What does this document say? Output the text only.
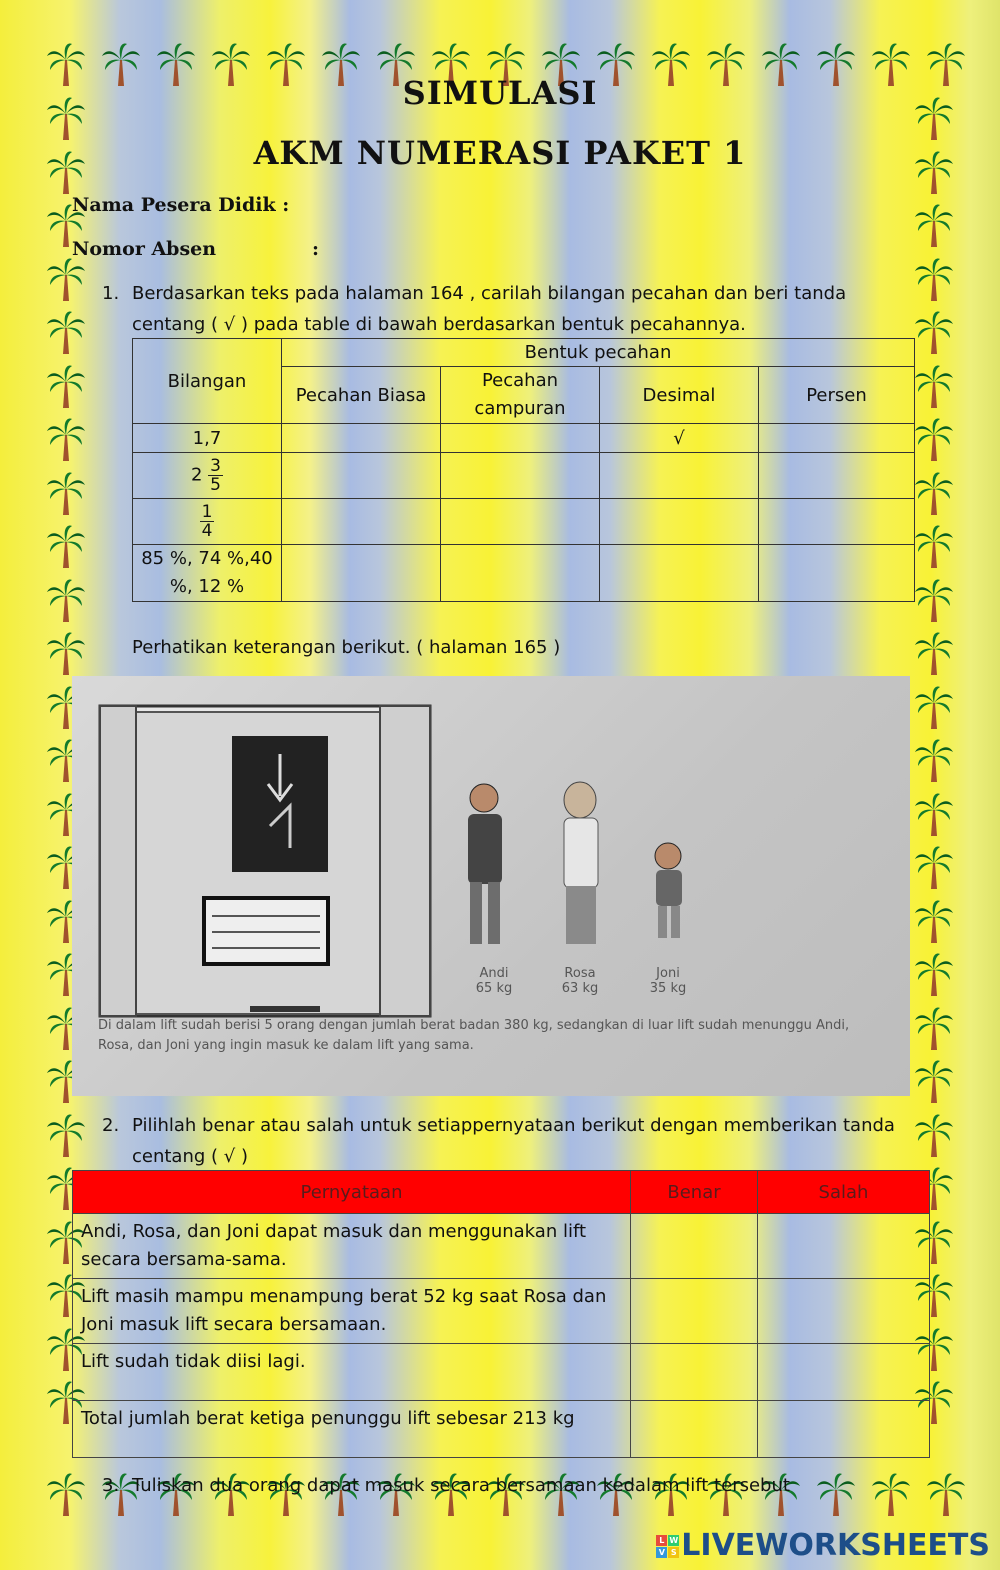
SIMULASI
AKM NUMERASI PAKET 1
Nama Pesera Didik :
Nomor Absen	:
1. Berdasarkan teks pada halaman 164 , carilah bilangan pecahan dan beri tanda
centang ( √ ) pada table di bawah berdasarkan bentuk pecahannya.
Bilangan	Bentuk pecahan			
	Pecahan Biasa	Pecahan campuran	Desimal	Persen
1,7			√	
$2 \frac{3}{5}$

$\frac{1}{4}$

85 %, 74 %,40 %, 12 %				
Perhatikan keterangan berikut. ( halaman 165 )
Andi
65 kg
Rosa
63 kg
Joni
35 kg
Di dalam lift sudah berisi 5 orang dengan jumlah berat badan 380 kg, sedangkan di luar lift sudah menunggu Andi, Rosa, dan Joni yang ingin masuk ke dalam lift yang sama.
2. Pilihlah benar atau salah untuk setiappernyataan berikut dengan memberikan tanda
centang ( √ )
Pernyataan	Benar	Salah
Andi, Rosa, dan Joni dapat masuk dan menggunakan lift secara bersama-sama.		
Lift masih mampu menampung berat 52 kg saat Rosa dan Joni masuk lift secara bersamaan.		
Lift sudah tidak diisi lagi.		
Total jumlah berat ketiga penunggu lift sebesar 213 kg		
3. Tuliskan dua orang dapat masuk secara bersamaan kedalam lift tersebut
L W
V S LIVEWORKSHEETS
